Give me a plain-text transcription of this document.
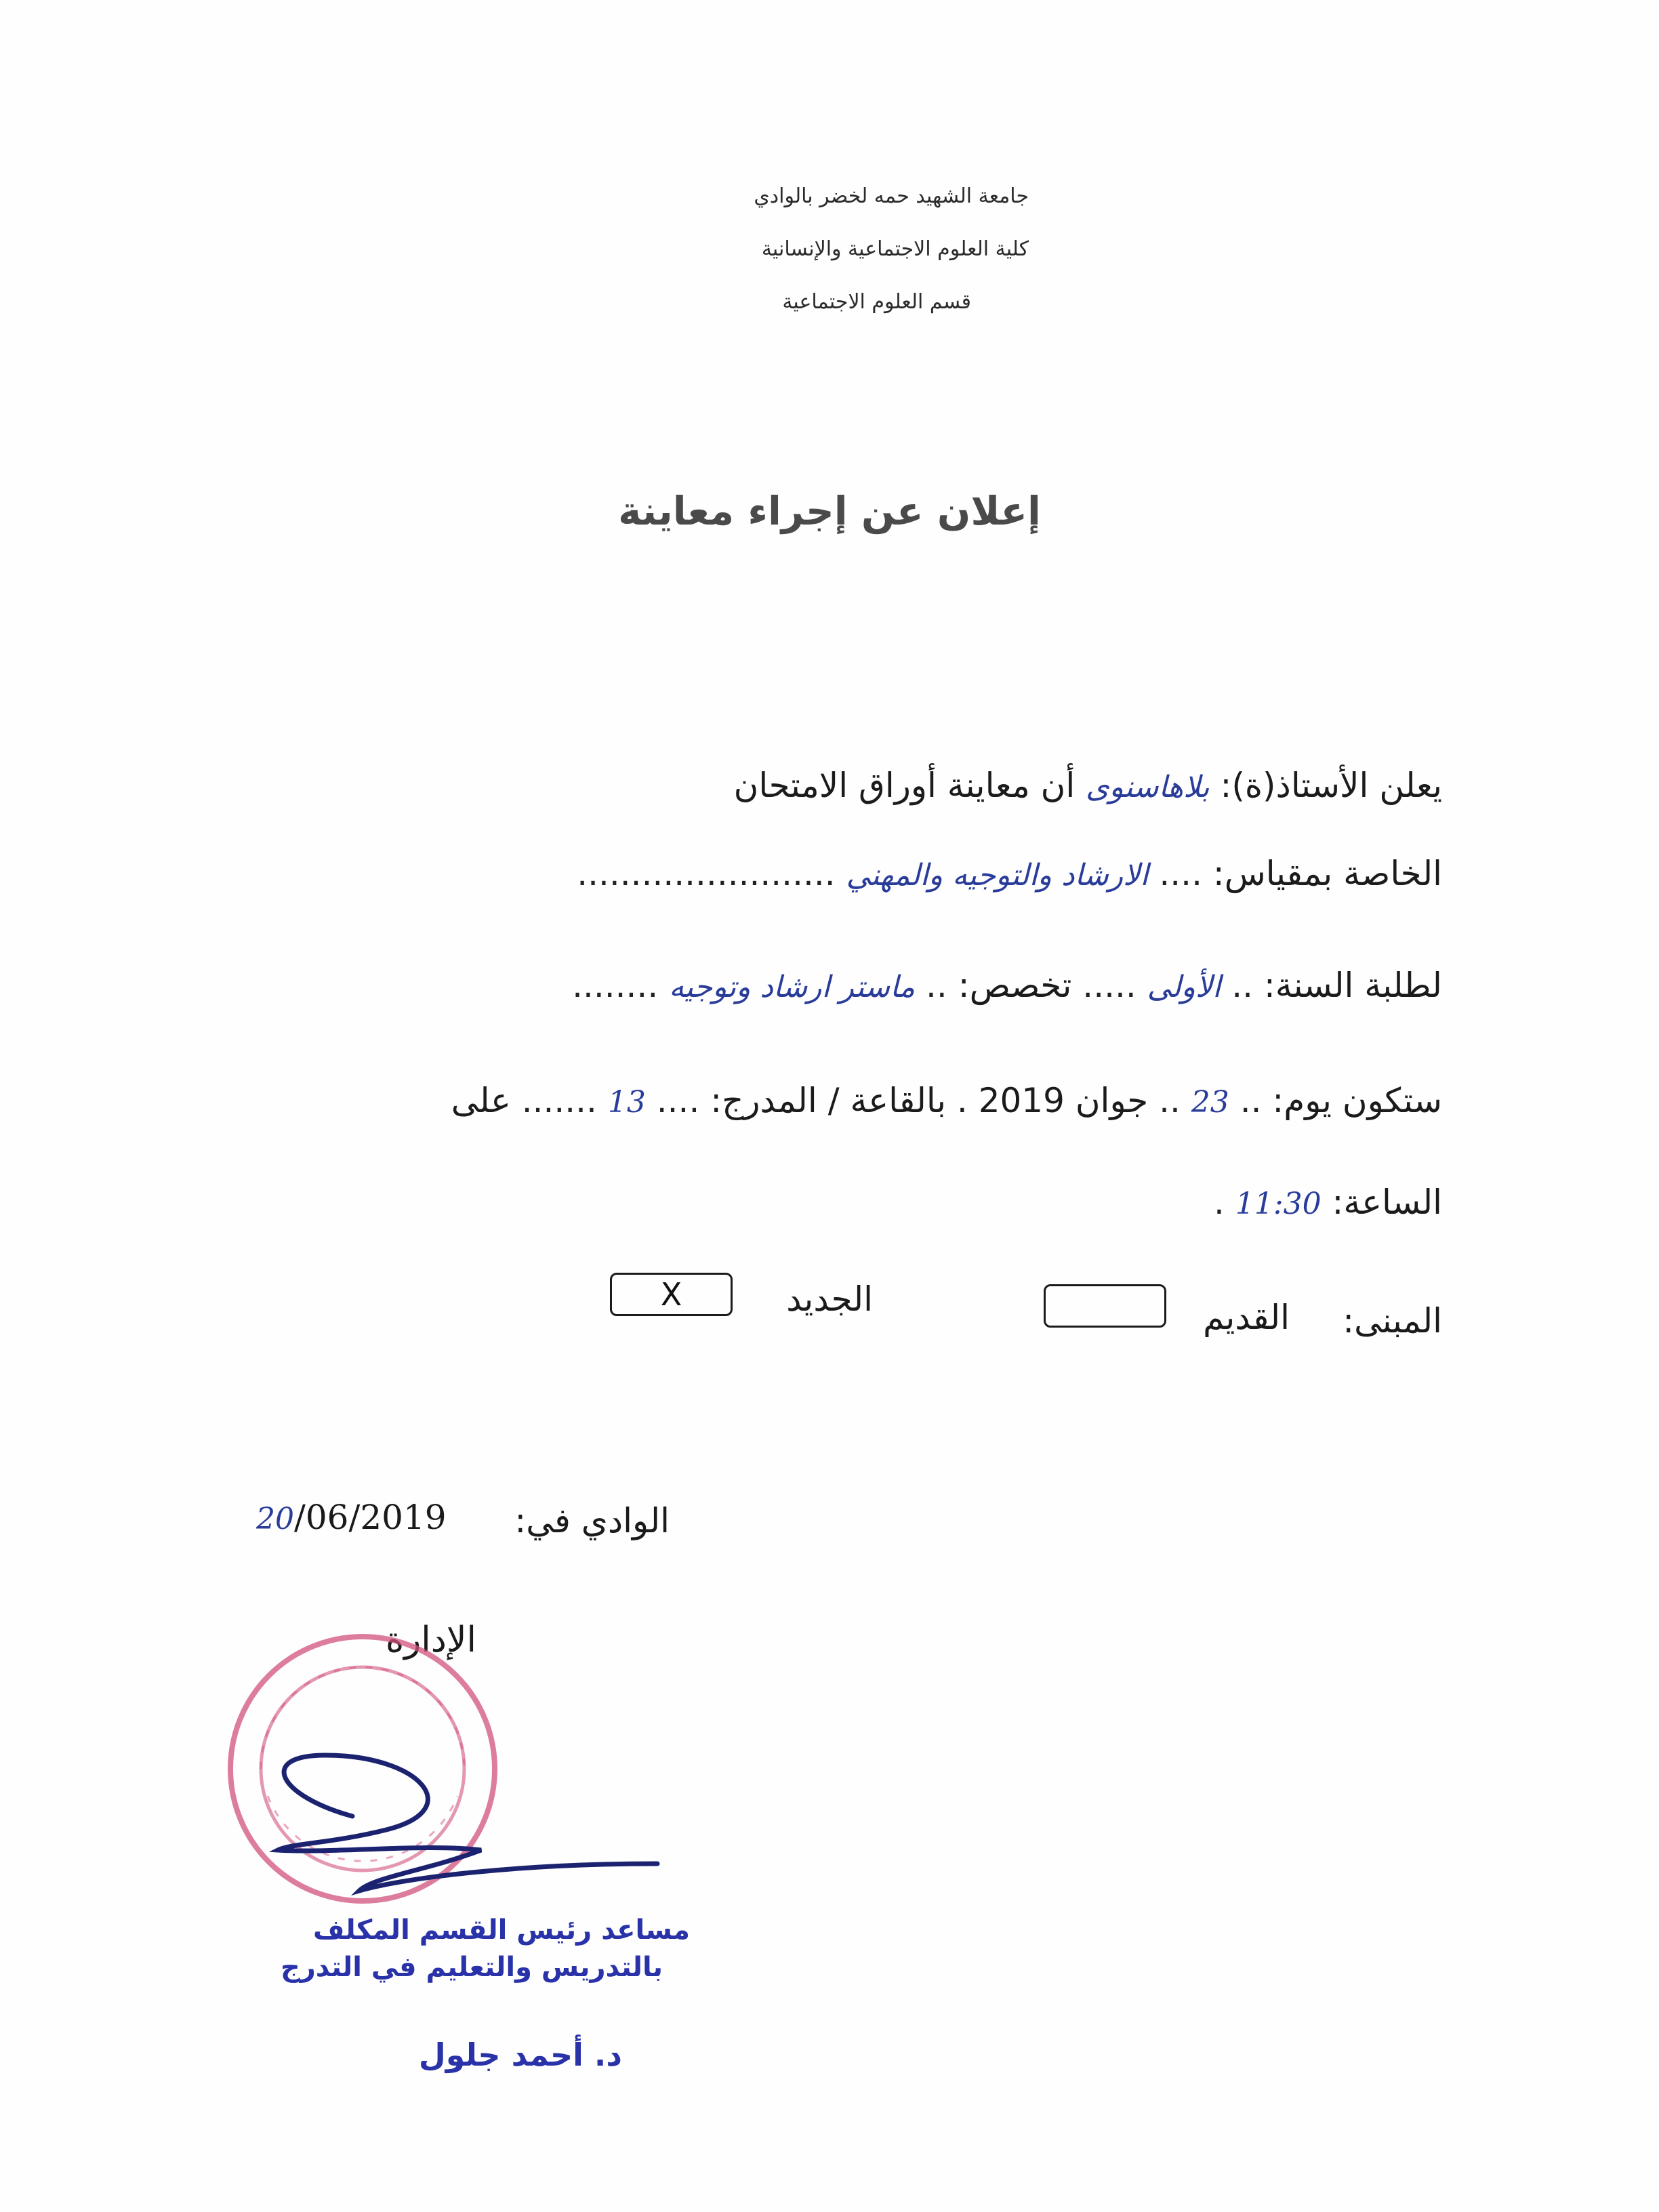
جامعة الشهيد حمه لخضر بالوادي
كلية العلوم الاجتماعية والإنسانية
قسم العلوم الاجتماعية
إعلان عن إجراء معاينة
يعلن الأستاذ(ة): بلاهاسنوى أن معاينة أوراق الامتحان
الخاصة بمقياس: .... الارشاد والتوجيه والمهني ........................
لطلبة السنة: .. الأولى ..... تخصص: .. ماستر ارشاد وتوجيه ........
ستكون يوم: .. 23 .. جوان 2019 . بالقاعة / المدرج: .... 13 ....... على
الساعة: 11:30 .
المبنى:
القديم
الجديد
X
الوادي في:
20/06/2019
الإدارة
مساعد رئيس القسم المكلف
بالتدريس والتعليم في التدرج
د. أحمد جلول
